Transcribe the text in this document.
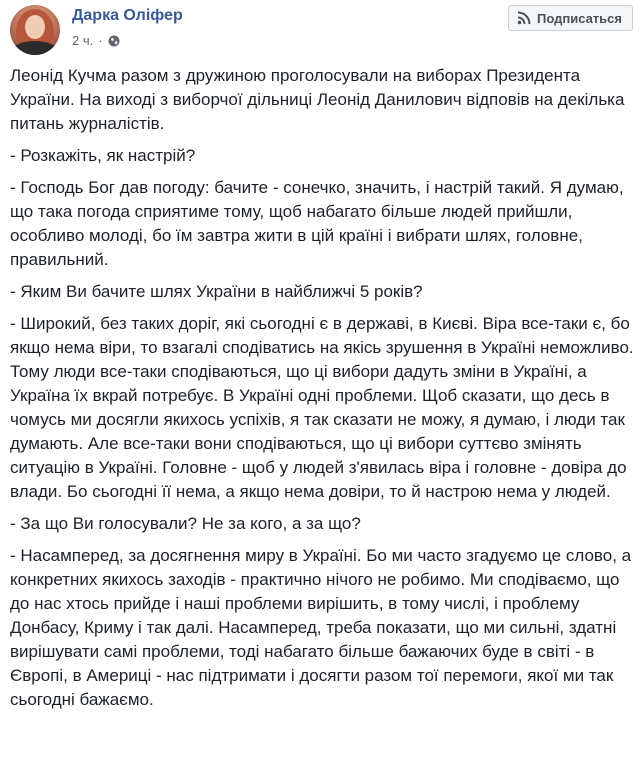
Дарка Оліфер
2 ч. ·
Подписаться

Леонід Кучма разом з дружиною проголосували на виборах Президента України. На виході з виборчої дільниці Леонід Данилович відповів на декілька питань журналістів.

- Розкажіть, як настрій?

- Господь Бог дав погоду: бачите - сонечко, значить, і настрій такий. Я думаю, що така погода сприятиме тому, щоб набагато більше людей прийшли, особливо молоді, бо їм завтра жити в цій країні і вибрати шлях, головне, правильний.

- Яким Ви бачите шлях України в найближчі 5 років?

- Широкий, без таких доріг, які сьогодні є в державі, в Києві. Віра все-таки є, бо якщо нема віри, то взагалі сподіватись на якісь зрушення в Україні неможливо. Тому люди все-таки сподіваються, що ці вибори дадуть зміни в Україні, а Україна їх вкрай потребує. В Україні одні проблеми. Щоб сказати, що десь в чомусь ми досягли якихось успіхів, я так сказати не можу, я думаю, і люди так думають. Але все-таки вони сподіваються, що ці вибори суттєво змінять ситуацію в Україні. Головне - щоб у людей з'явилась віра і головне - довіра до влади. Бо сьогодні її нема, а якщо нема довіри, то й настрою нема у людей.

- За що Ви голосували? Не за кого, а за що?

- Насамперед, за досягнення миру в Україні. Бо ми часто згадуємо це слово, а конкретних якихось заходів - практично нічого не робимо. Ми сподіваємо, що до нас хтось прийде і наші проблеми вирішить, в тому числі, і проблему Донбасу, Криму і так далі. Насамперед, треба показати, що ми сильні, здатні вирішувати самі проблеми, тоді набагато більше бажаючих буде в світі - в Європі, в Америці - нас підтримати і досягти разом тої перемоги, якої ми так сьогодні бажаємо.
